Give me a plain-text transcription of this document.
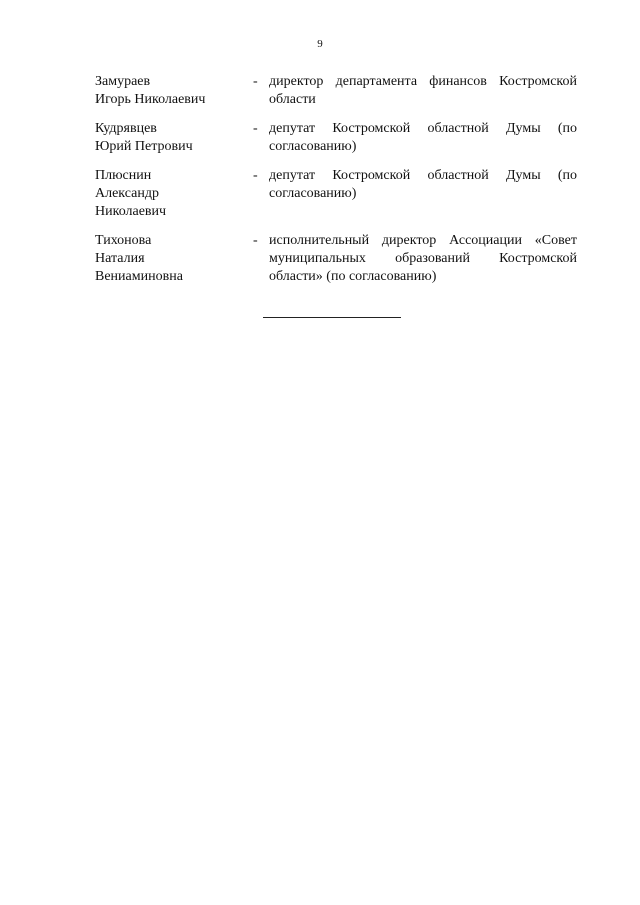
9
Замураев
Игорь Николаевич
- директор департамента финансов Костромской области
Кудрявцев
Юрий Петрович
- депутат Костромской областной Думы (по согласованию)
Плюснин
Александр
Николаевич
- депутат Костромской областной Думы (по согласованию)
Тихонова
Наталия
Вениаминовна
- исполнительный директор Ассоциации «Совет муниципальных образований Костромской области» (по согласованию)
